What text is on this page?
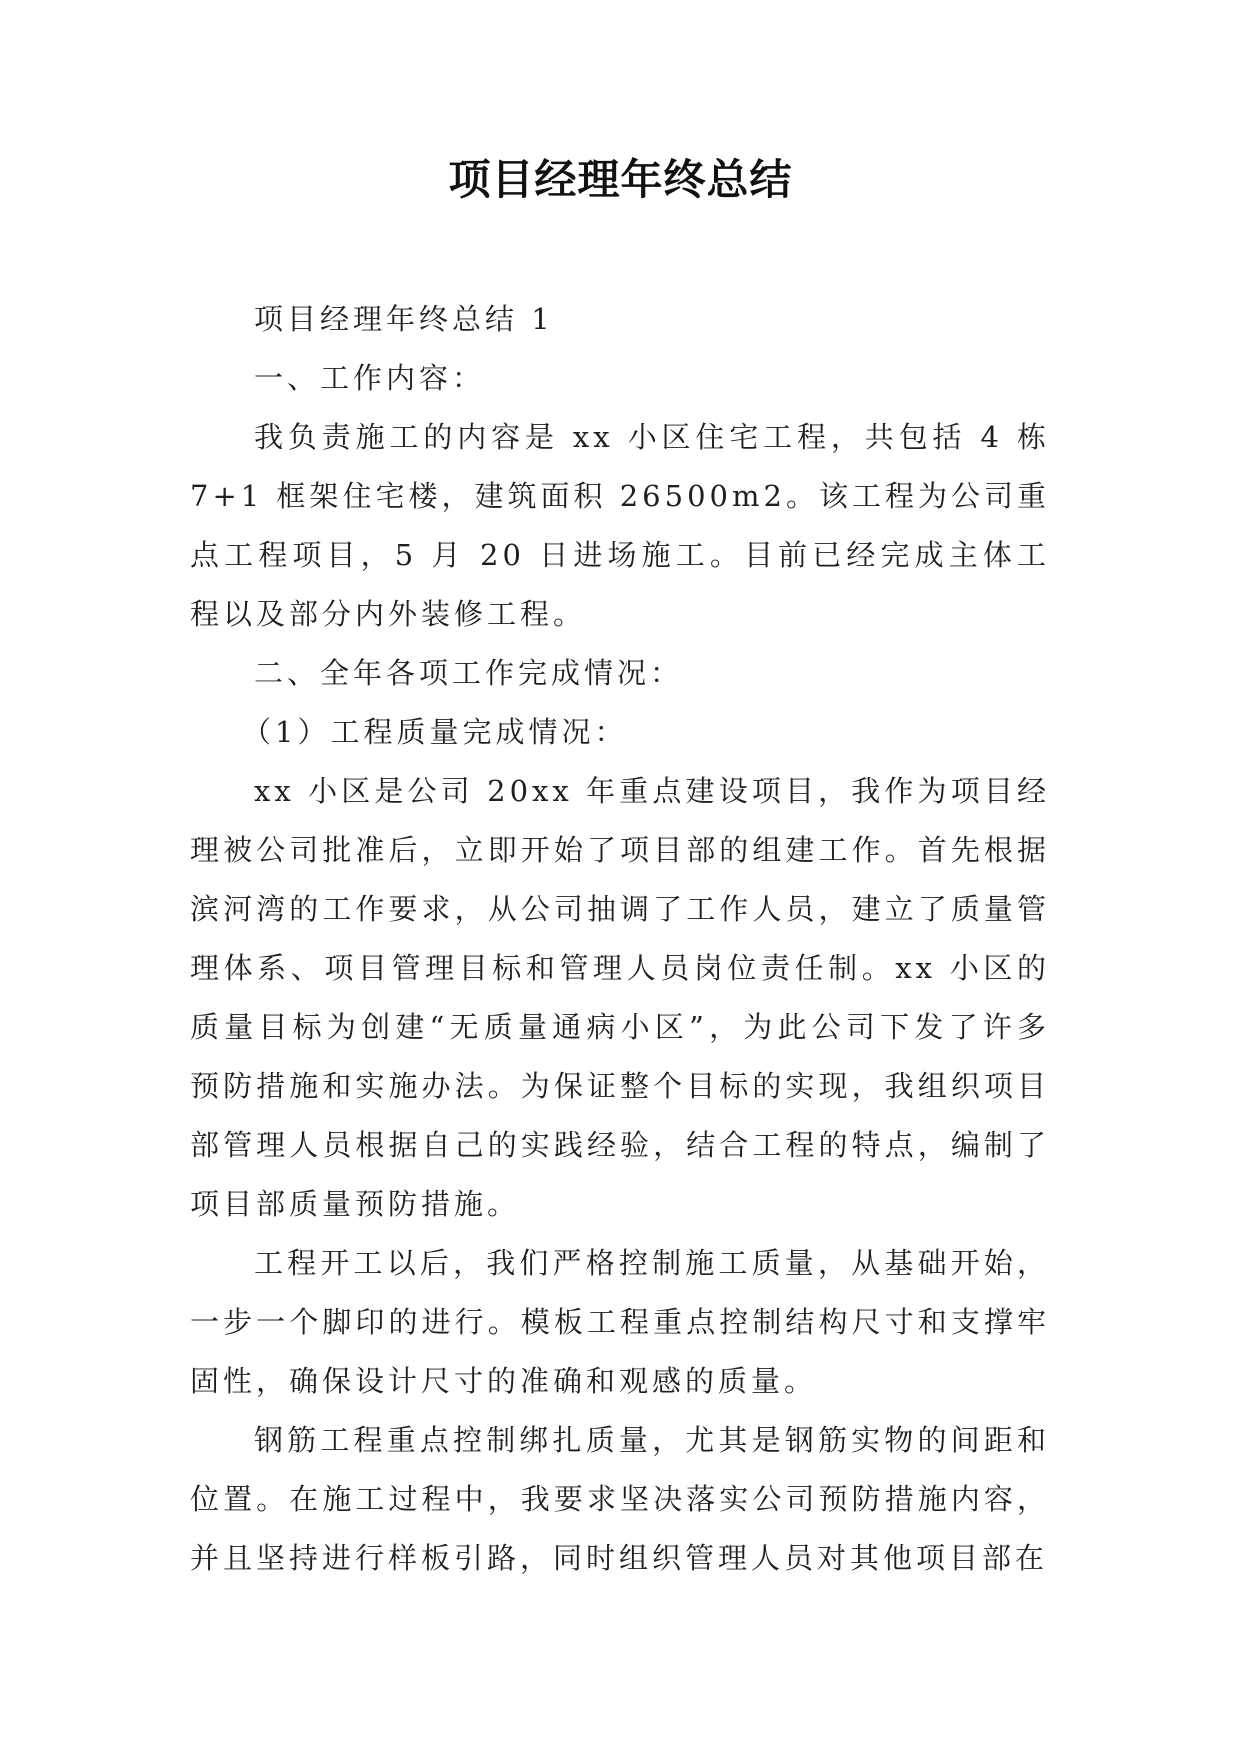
项目经理年终总结

项目经理年终总结 1

一、工作内容：

我负责施工的内容是 xx 小区住宅工程，共包括 4 栋 7+1 框架住宅楼，建筑面积 26500m2。该工程为公司重点工程项目，5 月 20 日进场施工。目前已经完成主体工程以及部分内外装修工程。

二、全年各项工作完成情况：

（1）工程质量完成情况：

xx 小区是公司 20xx 年重点建设项目，我作为项目经理被公司批准后，立即开始了项目部的组建工作。首先根据滨河湾的工作要求，从公司抽调了工作人员，建立了质量管理体系、项目管理目标和管理人员岗位责任制。xx 小区的质量目标为创建“无质量通病小区”，为此公司下发了许多预防措施和实施办法。为保证整个目标的实现，我组织项目部管理人员根据自己的实践经验，结合工程的特点，编制了项目部质量预防措施。

工程开工以后，我们严格控制施工质量，从基础开始，一步一个脚印的进行。模板工程重点控制结构尺寸和支撑牢固性，确保设计尺寸的准确和观感的质量。

钢筋工程重点控制绑扎质量，尤其是钢筋实物的间距和位置。在施工过程中，我要求坚决落实公司预防措施内容，并且坚持进行样板引路，同时组织管理人员对其他项目部在
